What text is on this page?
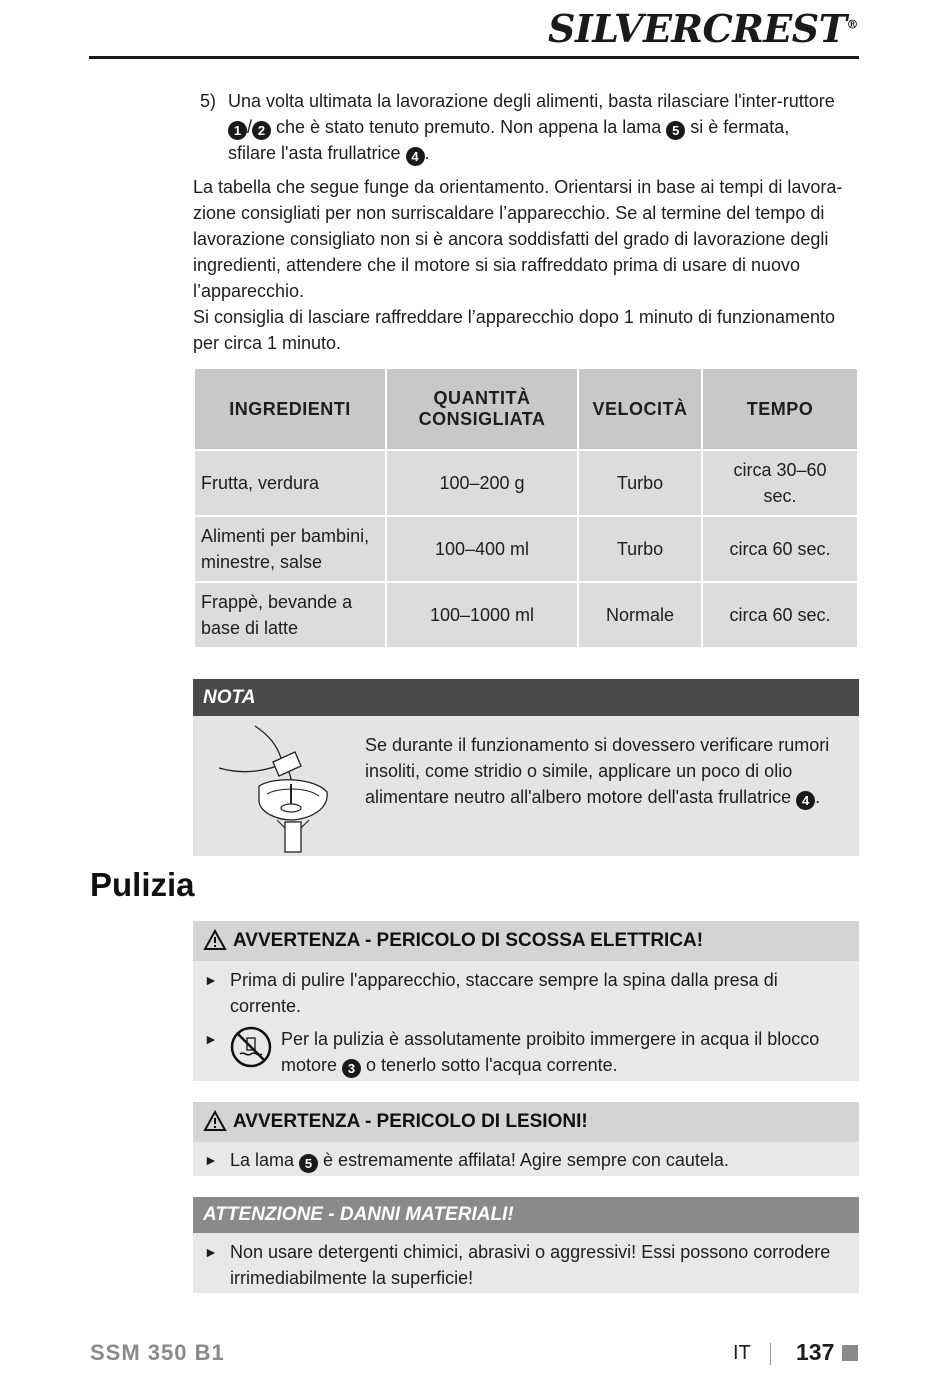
SILVERCREST®
5) Una volta ultimata la lavorazione degli alimenti, basta rilasciare l'inter-ruttore 1 / 2 che è stato tenuto premuto. Non appena la lama 5 si è fermata, sfilare l'asta frullatrice 4 .

La tabella che segue funge da orientamento. Orientarsi in base ai tempi di lavora-zione consigliati per non surriscaldare l’apparecchio. Se al termine del tempo di lavorazione consigliato non si è ancora soddisfatti del grado di lavorazione degli ingredienti, attendere che il motore si sia raffreddato prima di usare di nuovo l’apparecchio.

Si consiglia di lasciare raffreddare l’apparecchio dopo 1 minuto di funzionamento per circa 1 minuto.

INGREDIENTI	QUANTITÀ CONSIGLIATA	VELOCITÀ	TEMPO
Frutta, verdura	100–200 g	Turbo	circa 30–60 sec.
Alimenti per bambini, minestre, salse	100–400 ml	Turbo	circa 60 sec.
Frappè, bevande a base di latte	100–1000 ml	Normale	circa 60 sec.
NOTA
Se durante il funzionamento si dovessero verificare rumori insoliti, come stridio o simile, applicare un poco di olio alimentare neutro all'albero motore dell'asta frullatrice 4 .
Pulizia
AVVERTENZA - PERICOLO DI SCOSSA ELETTRICA!
► Prima di pulire l'apparecchio, staccare sempre la spina dalla presa di corrente.
►	Per la pulizia è assolutamente proibito immergere in acqua il blocco motore 3 o tenerlo sotto l'acqua corrente.
AVVERTENZA - PERICOLO DI LESIONI!
► La lama 5 è estremamente affilata! Agire sempre con cautela.
ATTENZIONE - DANNI MATERIALI!
► Non usare detergenti chimici, abrasivi o aggressivi! Essi possono corrodere irrimediabilmente la superficie!
SSM 350 B1	IT 137
